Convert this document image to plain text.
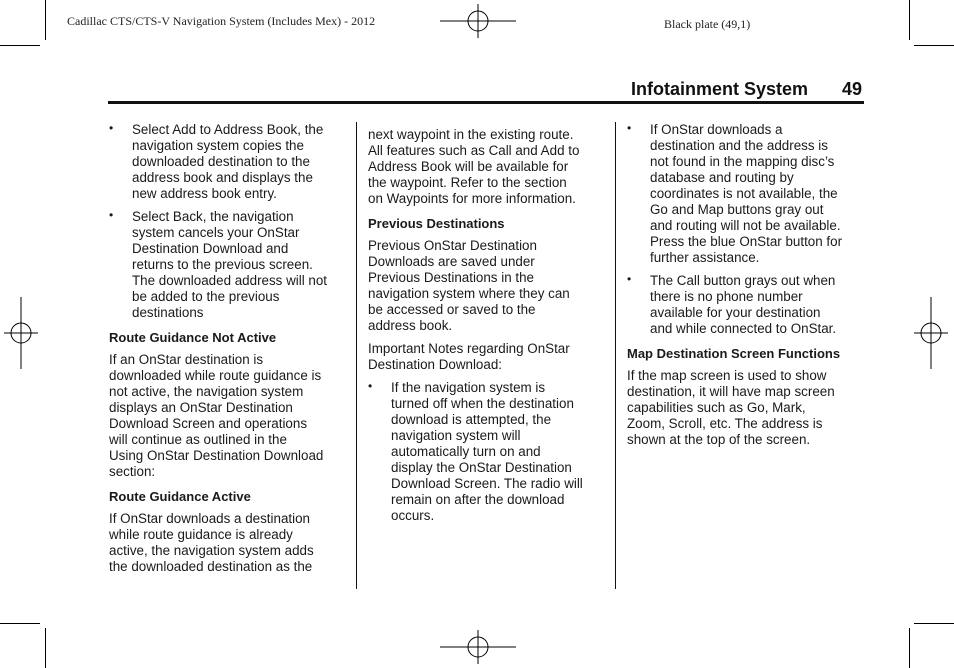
Cadillac CTS/CTS-V Navigation System (Includes Mex) - 2012	Black plate (49,1)
Infotainment System 49
• Select Add to Address Book, the
navigation system copies the
downloaded destination to the
address book and displays the
new address book entry.
• Select Back, the navigation
system cancels your OnStar
Destination Download and
returns to the previous screen.
The downloaded address will not
be added to the previous
destinations

Route Guidance Not Active

If an OnStar destination is
downloaded while route guidance is
not active, the navigation system
displays an OnStar Destination
Download Screen and operations
will continue as outlined in the
Using OnStar Destination Download
section:

Route Guidance Active

If OnStar downloads a destination
while route guidance is already
active, the navigation system adds
the downloaded destination as the

next waypoint in the existing route.
All features such as Call and Add to
Address Book will be available for
the waypoint. Refer to the section
on Waypoints for more information.

Previous Destinations

Previous OnStar Destination
Downloads are saved under
Previous Destinations in the
navigation system where they can
be accessed or saved to the
address book.

Important Notes regarding OnStar
Destination Download:

• If the navigation system is
turned off when the destination
download is attempted, the
navigation system will
automatically turn on and
display the OnStar Destination
Download Screen. The radio will
remain on after the download
occurs.
• If OnStar downloads a
destination and the address is
not found in the mapping disc’s
database and routing by
coordinates is not available, the
Go and Map buttons gray out
and routing will not be available.
Press the blue OnStar button for
further assistance.
• The Call button grays out when
there is no phone number
available for your destination
and while connected to OnStar.

Map Destination Screen Functions

If the map screen is used to show
destination, it will have map screen
capabilities such as Go, Mark,
Zoom, Scroll, etc. The address is
shown at the top of the screen.
